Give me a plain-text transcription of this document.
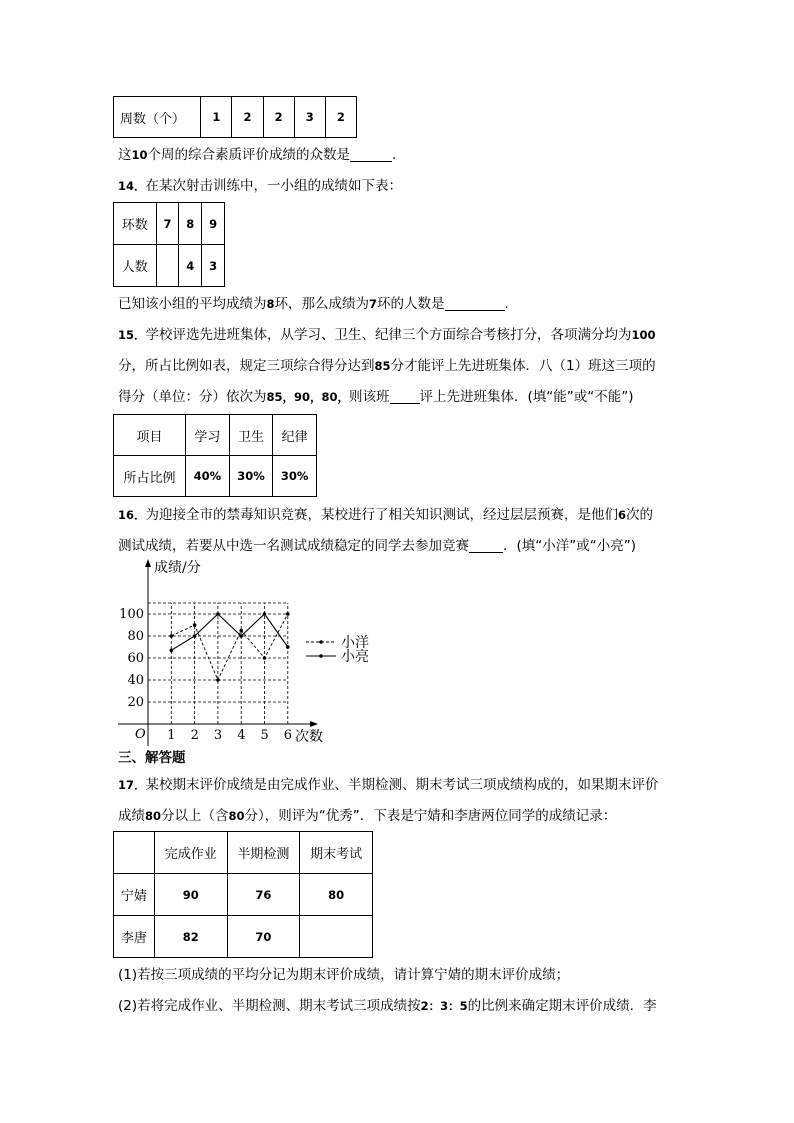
周数（个）	1	2	2	3	2
这10个周的综合素质评价成绩的众数是	．
14．在某次射击训练中，一小组的成绩如下表：
环数	7	8	9
人数		4	3
已知该小组的平均成绩为8环，那么成绩为7环的人数是	．
15．学校评选先进班集体，从学习、卫生、纪律三个方面综合考核打分，各项满分均为100
分，所占比例如表，规定三项综合得分达到85分才能评上先进班集体．八（1）班这三项的
得分（单位：分）依次为85，90，80，则该班 评上先进班集体．(填“能”或“不能”)
项目	学习	卫生	纪律
所占比例	40%	30%	30%
16．为迎接全市的禁毒知识竞赛，某校进行了相关知识测试，经过层层预赛，是他们6次的
测试成绩，若要从中选一名测试成绩稳定的同学去参加竞赛	．(填“小洋”或“小亮”)
成绩/分
次数
O 1 2 3 4 5 6
20
40
60
80
100
小洋
小亮
三、解答题
17．某校期末评价成绩是由完成作业、半期检测、期末考试三项成绩构成的，如果期末评价
成绩80分以上（含80分），则评为“优秀”．下表是宁婧和李唐两位同学的成绩记录：
	完成作业	半期检测	期末考试
宁婧	90	76	80
李唐	82	70	
(1)若按三项成绩的平均分记为期末评价成绩，请计算宁婧的期末评价成绩；
(2)若将完成作业、半期检测、期末考试三项成绩按2：3：5的比例来确定期末评价成绩．李
